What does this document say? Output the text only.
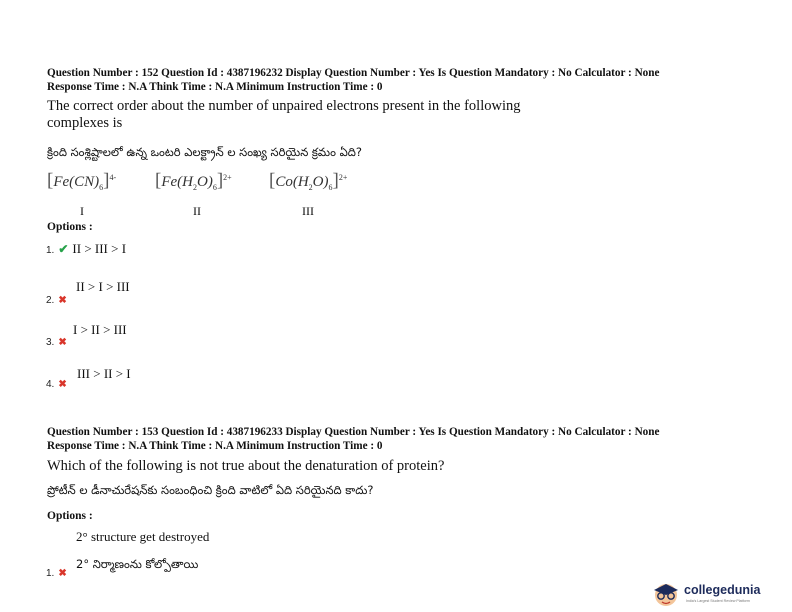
Question Number : 152 Question Id : 4387196232 Display Question Number : Yes Is Question Mandatory : No Calculator : None
Response Time : N.A Think Time : N.A Minimum Instruction Time : 0
The correct order about the number of unpaired electrons present in the following
complexes is
క్రింది సంశ్లిష్టాలలో ఉన్న ఒంటరి ఎలక్ట్రాన్ ల సంఖ్య సరియైన క్రమం ఏది?
$[Fe(CN)_6]^{4-}$ $[Fe(H_2O)_6]^{2+}$ $[Co(H_2O)_6]^{2+}$
I	II	III
Options :
1. ✔ II > III > I
II > I > III
2. ✖
I > II > III
3. ✖
III > II > I
4. ✖
Question Number : 153 Question Id : 4387196233 Display Question Number : Yes Is Question Mandatory : No Calculator : None
Response Time : N.A Think Time : N.A Minimum Instruction Time : 0
Which of the following is not true about the denaturation of protein?
ప్రోటీన్ ల డీనాచురేషన్‌కు సంబంధించి క్రింది వాటిలో ఏది సరియైనది కాదు?
Options :
2° structure get destroyed
1. ✖
2° నిర్మాణంను కోల్పోతాయి
collegedunia
India's Largest Student Review Platform
